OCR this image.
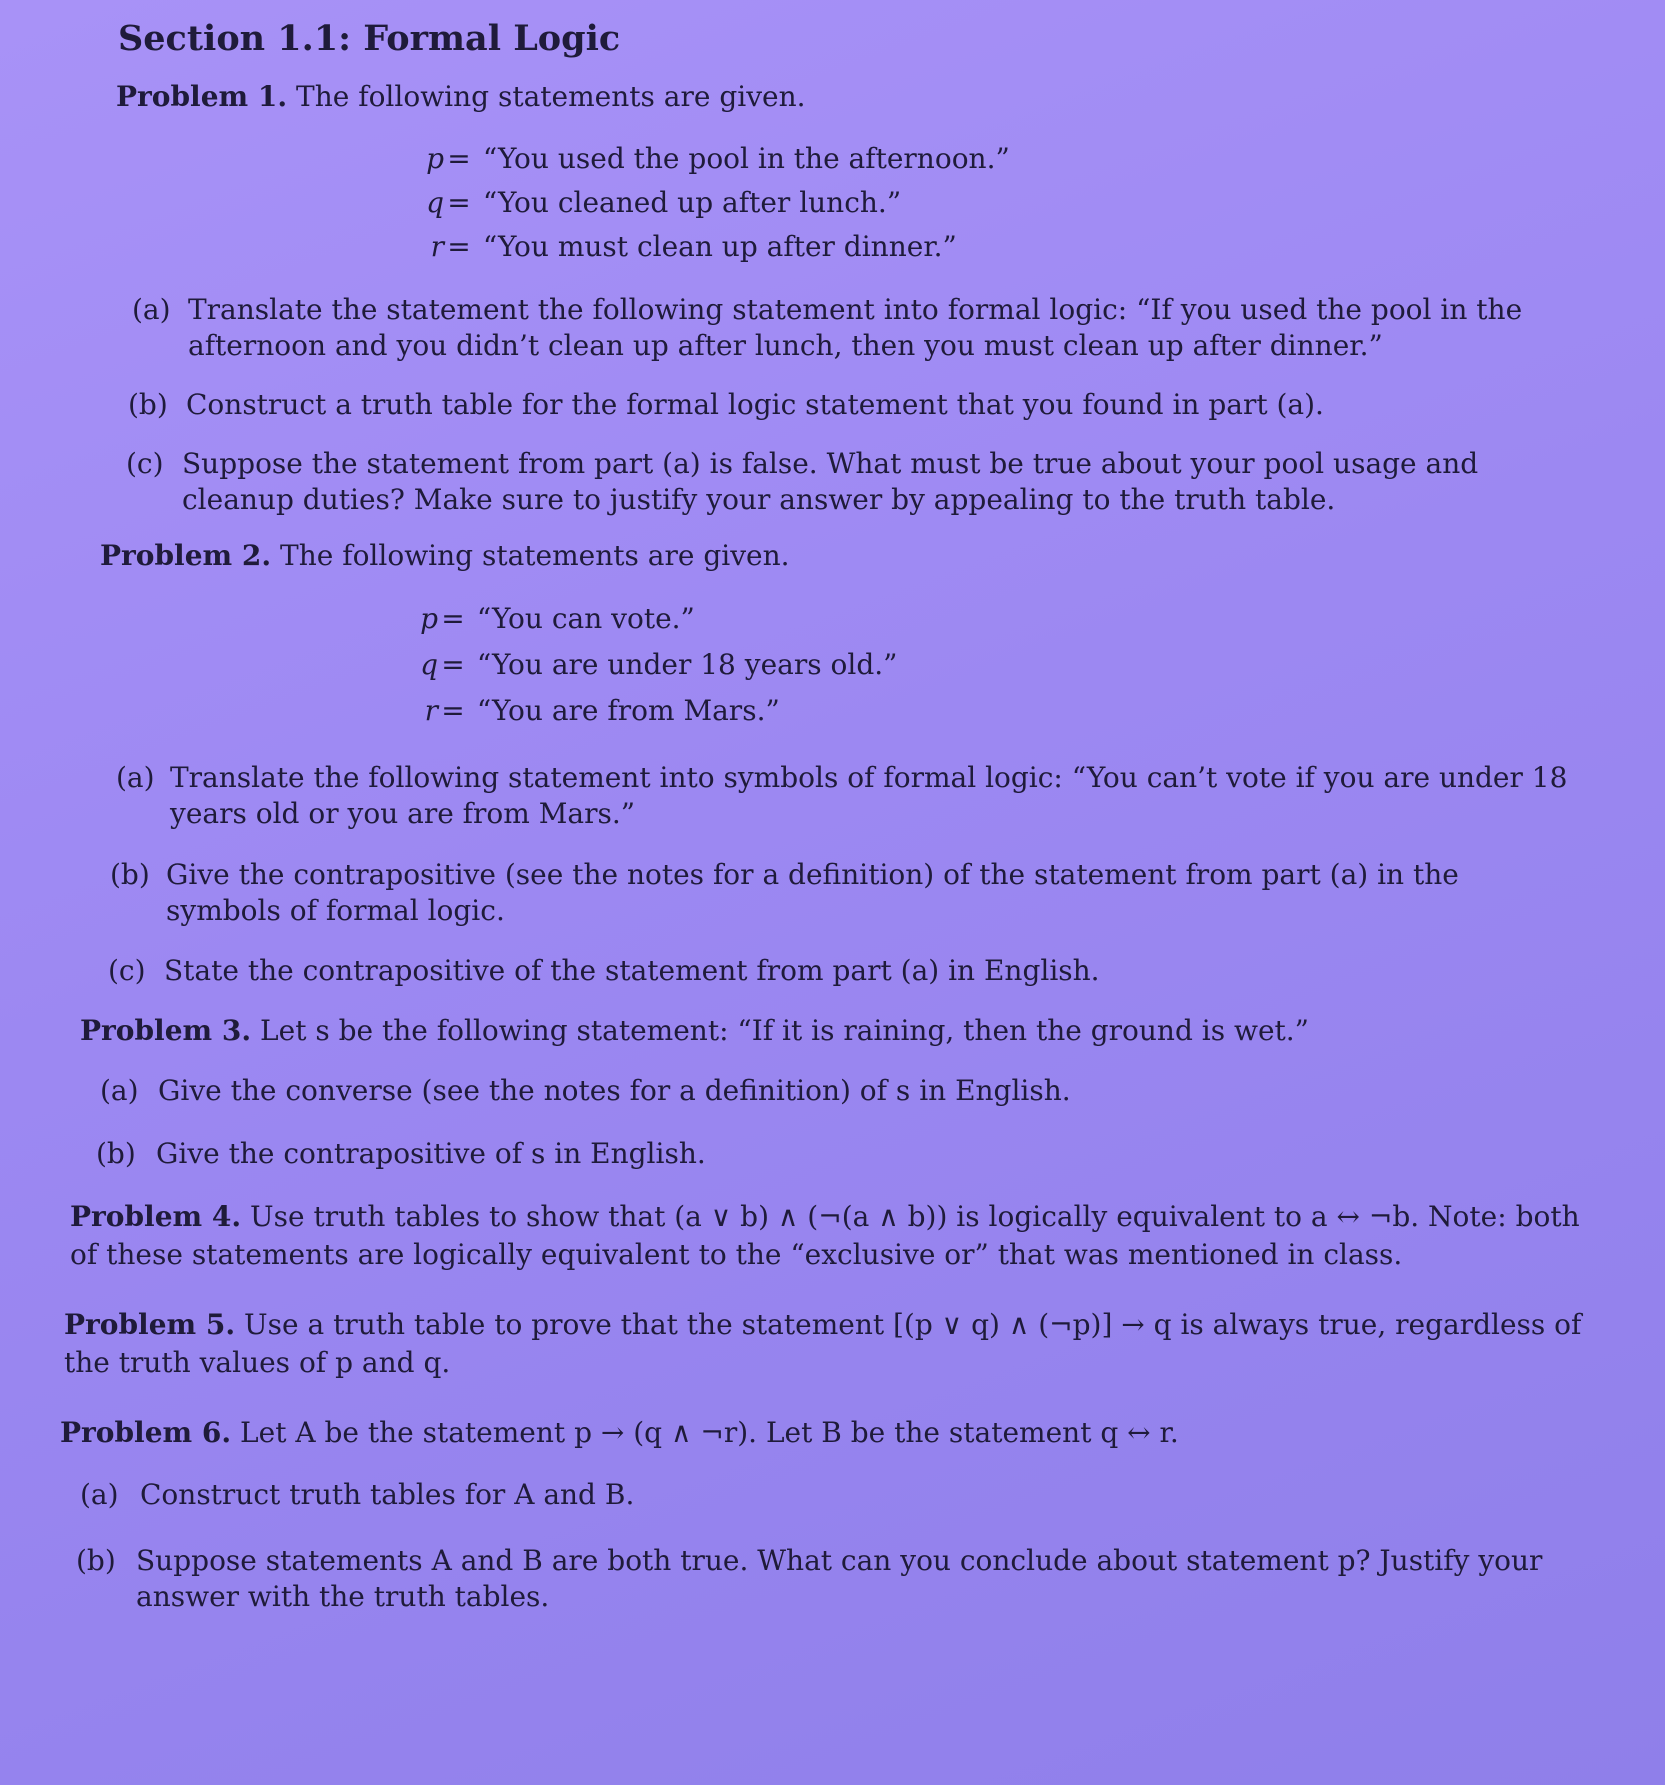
Section 1.1: Formal Logic

Problem 1. The following statements are given.

p = “You used the pool in the afternoon.”
q = “You cleaned up after lunch.”
r = “You must clean up after dinner.”
(a) Translate the statement the following statement into formal logic: “If you used the pool in the afternoon and you didn’t clean up after lunch, then you must clean up after dinner.”
(b) Construct a truth table for the formal logic statement that you found in part (a).
(c) Suppose the statement from part (a) is false. What must be true about your pool usage and cleanup duties? Make sure to justify your answer by appealing to the truth table.

Problem 2. The following statements are given.

p = “You can vote.”
q = “You are under 18 years old.”
r = “You are from Mars.”
(a) Translate the following statement into symbols of formal logic: “You can’t vote if you are under 18 years old or you are from Mars.”
(b) Give the contrapositive (see the notes for a definition) of the statement from part (a) in the symbols of formal logic.
(c) State the contrapositive of the statement from part (a) in English.

Problem 3. Let s be the following statement: “If it is raining, then the ground is wet.”

(a) Give the converse (see the notes for a definition) of s in English.
(b) Give the contrapositive of s in English.

Problem 4. Use truth tables to show that (a ∨ b) ∧ (¬(a ∧ b)) is logically equivalent to a ↔ ¬b. Note: both of these statements are logically equivalent to the “exclusive or” that was mentioned in class.

Problem 5. Use a truth table to prove that the statement [(p ∨ q) ∧ (¬p)] → q is always true, regardless of the truth values of p and q.

Problem 6. Let A be the statement p → (q ∧ ¬r). Let B be the statement q ↔ r.

(a) Construct truth tables for A and B.
(b) Suppose statements A and B are both true. What can you conclude about statement p? Justify your answer with the truth tables.
